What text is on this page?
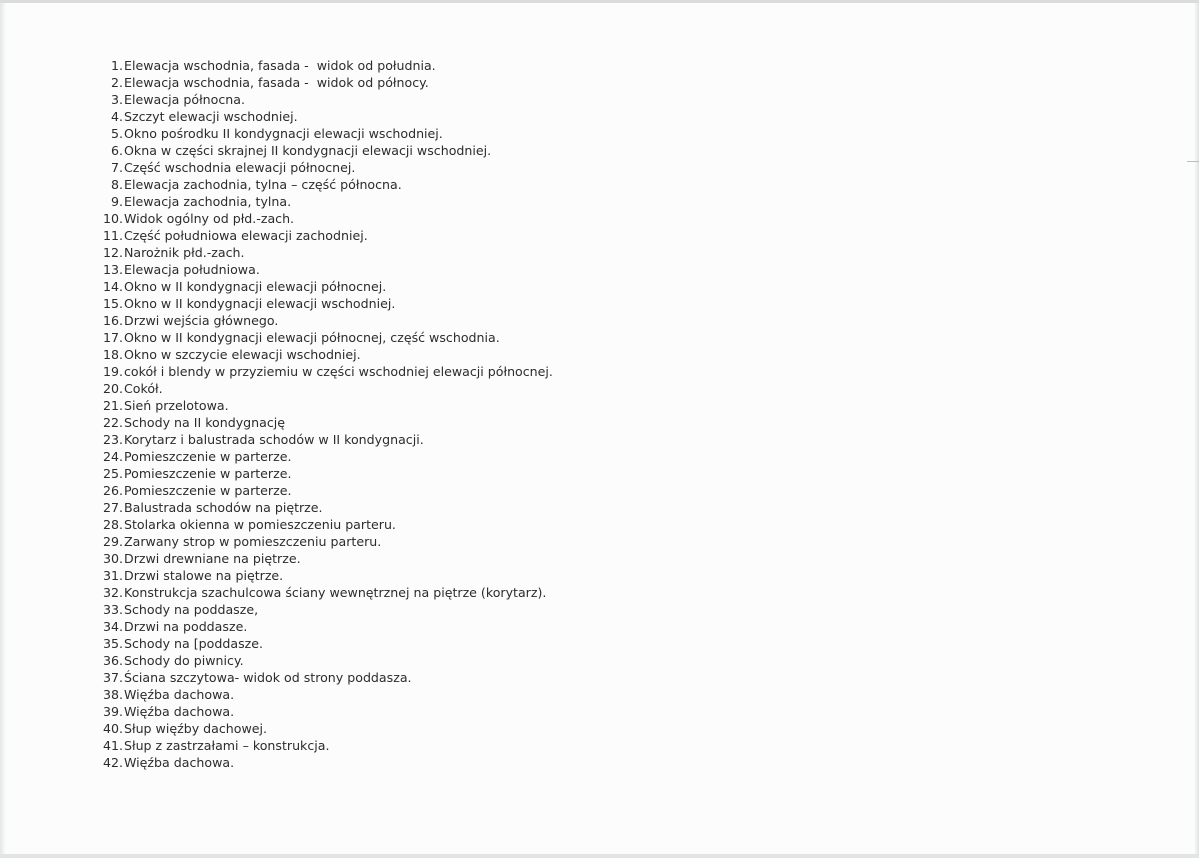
1.Elewacja wschodnia, fasada -  widok od południa.
2.Elewacja wschodnia, fasada -  widok od północy.
3.Elewacja północna.
4.Szczyt elewacji wschodniej.
5.Okno pośrodku II kondygnacji elewacji wschodniej.
6.Okna w części skrajnej II kondygnacji elewacji wschodniej.
7.Część wschodnia elewacji północnej.
8.Elewacja zachodnia, tylna – część północna.
9.Elewacja zachodnia, tylna.
10.Widok ogólny od płd.-zach.
11.Część południowa elewacji zachodniej.
12.Narożnik płd.-zach.
13.Elewacja południowa.
14.Okno w II kondygnacji elewacji północnej.
15.Okno w II kondygnacji elewacji wschodniej.
16.Drzwi wejścia głównego.
17.Okno w II kondygnacji elewacji północnej, część wschodnia.
18.Okno w szczycie elewacji wschodniej.
19.cokół i blendy w przyziemiu w części wschodniej elewacji północnej.
20.Cokół.
21.Sień przelotowa.
22.Schody na II kondygnację
23.Korytarz i balustrada schodów w II kondygnacji.
24.Pomieszczenie w parterze.
25.Pomieszczenie w parterze.
26.Pomieszczenie w parterze.
27.Balustrada schodów na piętrze.
28.Stolarka okienna w pomieszczeniu parteru.
29.Zarwany strop w pomieszczeniu parteru.
30.Drzwi drewniane na piętrze.
31.Drzwi stalowe na piętrze.
32.Konstrukcja szachulcowa ściany wewnętrznej na piętrze (korytarz).
33.Schody na poddasze,
34.Drzwi na poddasze.
35.Schody na [poddasze.
36.Schody do piwnicy.
37.Ściana szczytowa- widok od strony poddasza.
38.Więźba dachowa.
39.Więźba dachowa.
40.Słup więźby dachowej.
41.Słup z zastrzałami – konstrukcja.
42.Więźba dachowa.
